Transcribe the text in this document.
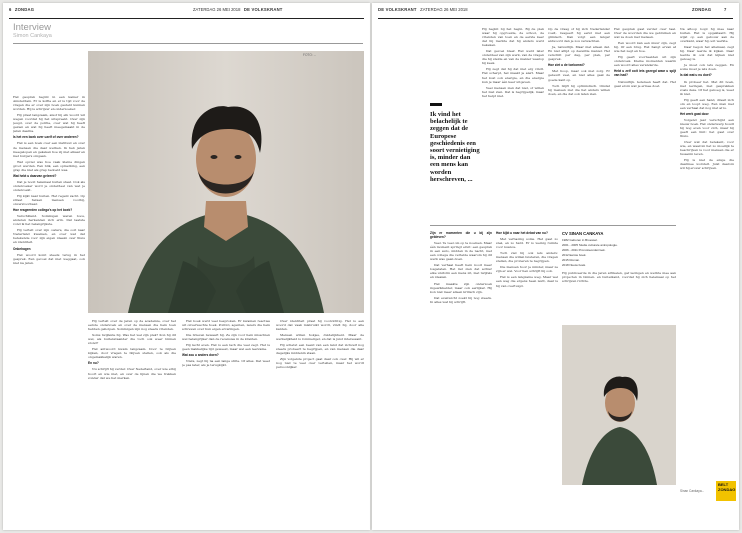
6 ZONDAG	ZATERDAG 26 MEI 2018 DE VOLKSKRANT
Interview
Simon Cankaya

Het gesprek begint in een kamer in Amsterdam. Er is koffie en er is tijd voor de vragen die er over zijn boek gesteld kunnen worden. Hij is schrijver en onderzoeker.

Hij praat langzaam, alsof hij elk woord wil wegen voordat hij het uitspreekt. Over zijn jeugd, over de politie, over wat hij heeft gezien en wat hij heeft meegemaakt in de jaren daarna.

Is het een boek over uzelf of over anderen?

Het is een boek over een instituut en over de mensen die daar werken. Ik heb jaren meegelopen en gekeken hoe zij met elkaar en met burgers omgaan.

Wat opviel was hoe vaak kleine dingen groot werden. Een blik, een opmerking, een grap die niet als grap bedoeld was.

Wat hebt u daarvan geleerd?

Dat je nooit helemaal buiten staat. Ook als onderzoeker word je onderdeel van wat je onderzoekt.

Hij kijkt naar buiten. Het regent zacht. Op straat fietsen mensen voorbij, onverstoorbaar.

Hoe reageerden collega's op het boek?

Verschillend. Sommigen waren boos, anderen herkenden zich erin. Dat laatste vond ik het belangrijkste.

Hij vertelt over zijn ouders, die ooit naar Nederland kwamen, en over wat dat betekende voor zijn eigen ideeën over thuis en identiteit.

Onbehagen

Het woord komt steeds terug in het gesprek. Een gevoel dat niet weggaat, ook niet na jaren.

FOTO: ...

Hij vertelt over de jaren op de academie, over het eerste onderzoek en over de mensen die hem toen hebben geholpen. Sommigen zijn nog steeds vrienden.

Soms twijfelde hij. Was het wel zijn plek? Kon hij dit wel, als buitenstaander die toch ook weer binnen stond?

Het antwoord kwam langzaam. Door te blijven kijken, door vragen te blijven stellen, ook als die ongemakkelijk waren.

En nu?

Nu schrijft hij verder. Over Nederland, over wie erbij hoort en wie niet, en over de lijnen die we trekken zonder dat we het merken.

Het boek werd veel besproken. Er kwamen reacties uit onverwachte hoek. Politici, agenten, lezers die hem schreven over hun eigen ervaringen.

Die brieven bewaart hij. Ze zijn voor hem misschien wel belangrijker dan de recensies in de kranten.

Hij lacht even. Het is een lach die veel zegt. Het is geen makkelijke tijd geweest, maar wel een leerzame.

Wat zou u anders doen?

Niets, zegt hij na een lange stilte. Of alles. Dat weet je pas later, als je terugkijkt.

Over identiteit praat hij voorzichtig. Het is een woord dat vaak misbruikt wordt, vindt hij, door alle kanten.

Mensen willen hokjes, duidelijkheid. Maar de werkelijkheid is rommeliger, en dat is juist interessant.

Hij schetst een beeld van een land dat zichzelf nog steeds probeert te begrijpen, en van mensen die daar dagelijks middenin staan.

Zijn volgende project gaat daar ook over. Hij wil er nog niet te veel over vertellen, maar het wordt persoonlijker.

DE VOLKSKRANT ZATERDAG 26 MEI 2018	ZONDAG	7
Ik vind het belachelijk te zeggen dat de Europese geschiedenis een soort vernietiging is, minder dan een mens kan worden herschreven, ...

Hij begint bij het begin. Bij de plek waar hij opgroeide, de school, de vrienden van toen en de eerste keer dat hij merkte dat hij anders werd bekeken.

Dat gevoel bleef. Het werd later onderdeel van zijn werk, van de vragen die hij stelde en van de manier waarop hij keek.

Hij zegt dat hij dat niet erg vindt. Het scherpt, het maakt je alert. Maar het kost ook energie, en die energie kun je maar één keer uitgeven.

Veel mensen zien dat niet, of willen het niet zien. Dat is begrijpelijk, maar het helpt niet.

Op de vraag of hij zich Nederlander voelt, reageert hij eerst met een glimlach. Dan volgt een langer antwoord dan je zou verwachten.

Ja, natuurlijk. Maar niet alleen dat. En niet altijd op dezelfde manier. Het verschilt per dag, per plek, per gesprek.

Hoe ziet u de toekomst?

Met hoop, maar ook met zorg. Er gebeurt veel, en niet alles gaat de goede kant op.

Toch blijft hij optimistisch. Omdat hij mensen ziet die het anders willen doen, en die dat ook laten zien.

Het gesprek gaat verder over taal. Over de woorden die we gebruiken en wat ze doen met mensen.

Een woord kan een muur zijn, zegt hij. Of een brug. Het hangt ervan af wie het zegt en hoe.

Hij geeft voorbeelden uit zijn onderzoek. Kleine momenten waarin een woord alles veranderde.

Hebt u zelf ooit iets gezegd waar u spijt van had?

Natuurlijk. Iedereen heeft dat. Het gaat erom wat je ermee doet.

Na afloop loopt hij mee naar buiten. Het is opgeklaard. Hij wijst op een gebouw aan de overkant, waar hij ooit werkte.

Daar begon het allemaal, zegt hij. Daar leerde ik kijken. Daar leerde ik ook dat kijken niet genoeg is.

Je moet ook iets zeggen. En soms moet je iets doen.

Is dat wat u nu doet?

Ik probeer het. Met dit boek, met lezingen, met gesprekken zoals deze. Of het genoeg is, weet ik niet.

Hij geeft een hand, draait zich om en loopt weg. Een man met een verhaal dat nog niet af is.

Het werk gaat door

Volgend jaar verschijnt een nieuw boek. Het onderwerp houdt hij nog even voor zich, maar hij geeft een hint: het gaat over thuis.

Over wat dat betekent, voor wie, en waarom het zo moeilijk te beschrijven is voor mensen die er tussenin leven.

Hij is niet de enige die daarmee worstelt. Juist daarom wil hij erover schrijven.

Zijn er momenten die u bij zijn gebleven?

Veel. Te veel om op te noemen. Maar één moment springt eruit: een gesprek in een auto, midden in de nacht, met een collega die vertelde waarom hij dit werk was gaan doen.

Dat verhaal heeft hem nooit meer losgelaten. Het liet zien dat achter elke uniform een mens zit, met twijfels en idealen.

Het maakte zijn onderzoek ingewikkelder, maar ook eerlijker. Hij kon niet meer alleen kritisch zijn.

Dat evenwicht zoekt hij nog steeds. In alles wat hij schrijft.

Hoe kijkt u naar het debat van nu?

Met verbazing soms. Het gaat zo snel, en zo hard. Er is weinig ruimte voor nuance.

Toch ziet hij ook iets anders: mensen die willen luisteren, die vragen stellen, die proberen te begrijpen.

Die mensen hoor je minder, maar ze zijn er wel. Voor hen schrijft hij ook.

Het is een langzame weg. Maar wel een weg die ergens heen leidt, daar is hij van overtuigd.

CV SINAN CANKAYA

1982 Geboren in Bruessel.

2001 - 2005 Studie culturele antropologie.

2006 - 2011 Promotieonderzoek.

2012 Eerste boek.

2015 Roman.

2018 Nieuw boek.

Hij publiceerde in die jaren artikelen, gaf lezingen en werkte mee aan projecten in binnen- en buitenland, voordat hij zich helemaal op het schrijven richtte.

Sinan Cankaya...
BELT
ZONDAG
